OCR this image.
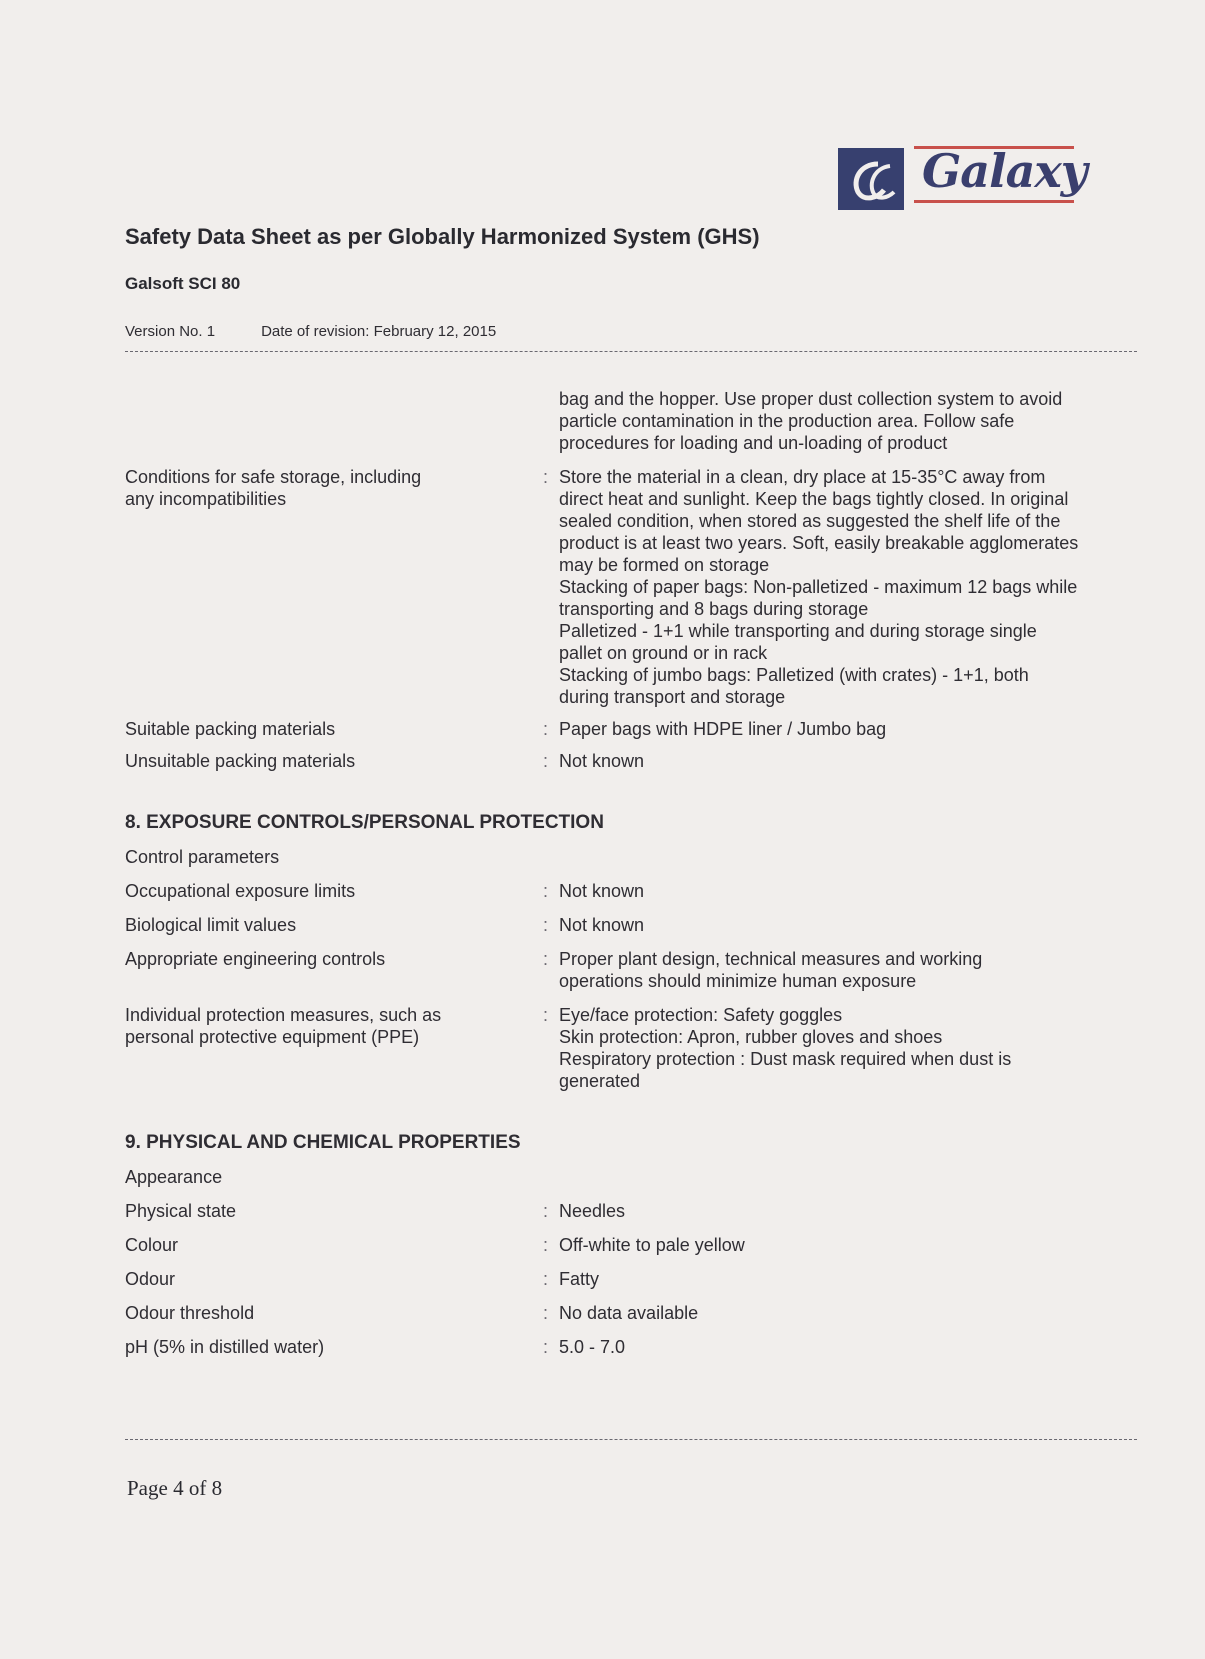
Galaxy
Safety Data Sheet as per Globally Harmonized System (GHS)
Galsoft SCI 80
Version No. 1	Date of revision: February 12, 2015
bag and the hopper. Use proper dust collection system to avoid
particle contamination in the production area. Follow safe
procedures for loading and un-loading of product
Conditions for safe storage, including
any incompatibilities
: Store the material in a clean, dry place at 15-35°C away from
direct heat and sunlight. Keep the bags tightly closed. In original
sealed condition, when stored as suggested the shelf life of the
product is at least two years. Soft, easily breakable agglomerates
may be formed on storage
Stacking of paper bags: Non-palletized - maximum 12 bags while
transporting and 8 bags during storage
Palletized - 1+1 while transporting and during storage single
pallet on ground or in rack
Stacking of jumbo bags: Palletized (with crates) - 1+1, both
during transport and storage
Suitable packing materials	: Paper bags with HDPE liner / Jumbo bag
Unsuitable packing materials	: Not known
8. EXPOSURE CONTROLS/PERSONAL PROTECTION
Control parameters
Occupational exposure limits	: Not known
Biological limit values	: Not known
Appropriate engineering controls	: Proper plant design, technical measures and working
operations should minimize human exposure
Individual protection measures, such as
personal protective equipment (PPE)
: Eye/face protection: Safety goggles
Skin protection: Apron, rubber gloves and shoes
Respiratory protection : Dust mask required when dust is
generated
9. PHYSICAL AND CHEMICAL PROPERTIES
Appearance
Physical state	: Needles
Colour	: Off-white to pale yellow
Odour	: Fatty
Odour threshold	: No data available
pH (5% in distilled water)	: 5.0 - 7.0
Page 4 of 8
